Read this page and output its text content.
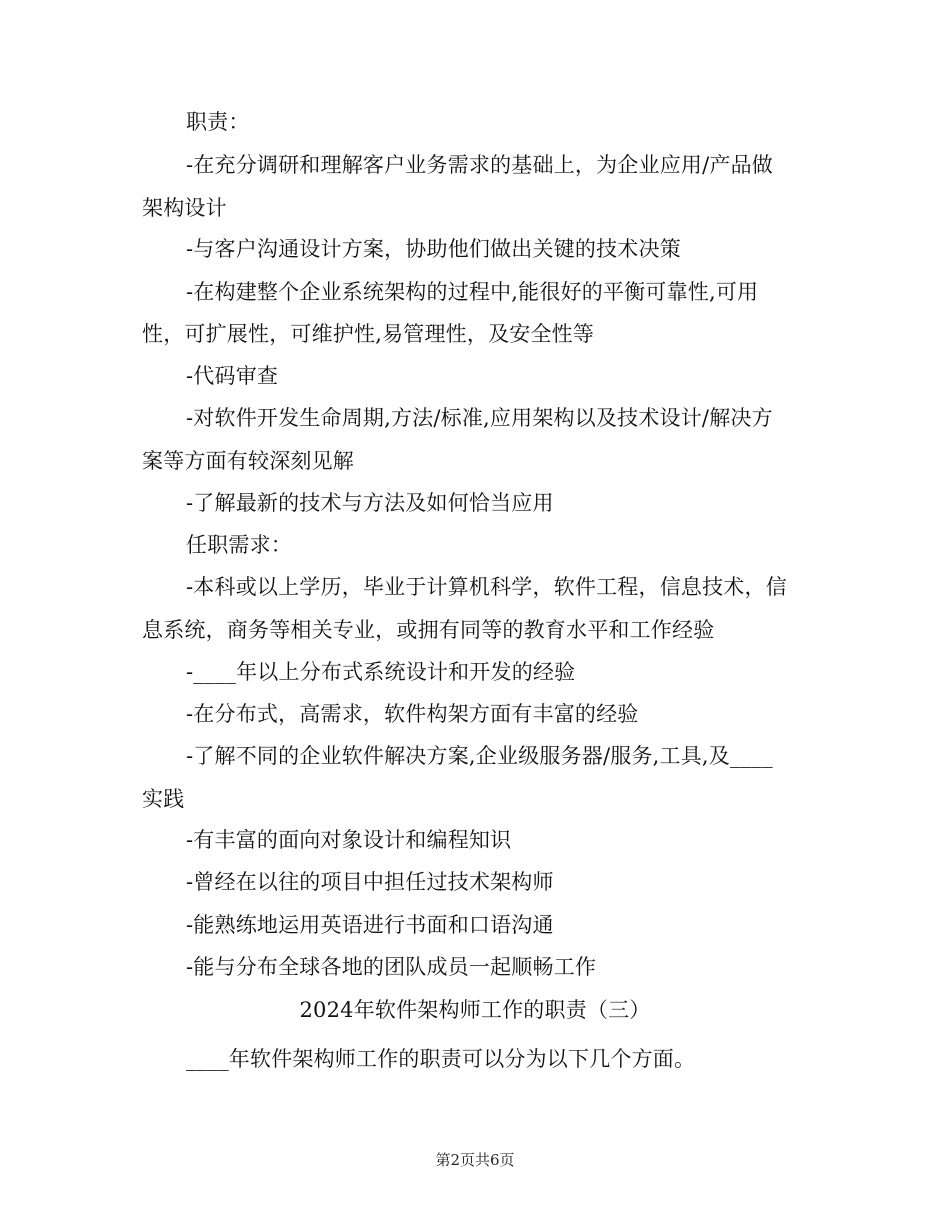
职责：
-在充分调研和理解客户业务需求的基础上，为企业应用/产品做
架构设计
-与客户沟通设计方案，协助他们做出关键的技术决策
-在构建整个企业系统架构的过程中,能很好的平衡可靠性,可用
性，可扩展性，可维护性,易管理性，及安全性等
-代码审查
-对软件开发生命周期,方法/标准,应用架构以及技术设计/解决方
案等方面有较深刻见解
-了解最新的技术与方法及如何恰当应用
任职需求：
-本科或以上学历，毕业于计算机科学，软件工程，信息技术，信
息系统，商务等相关专业，或拥有同等的教育水平和工作经验
-____年以上分布式系统设计和开发的经验
-在分布式，高需求，软件构架方面有丰富的经验
-了解不同的企业软件解决方案,企业级服务器/服务,工具,及____
实践
-有丰富的面向对象设计和编程知识
-曾经在以往的项目中担任过技术架构师
-能熟练地运用英语进行书面和口语沟通
-能与分布全球各地的团队成员一起顺畅工作
2024年软件架构师工作的职责（三）
____年软件架构师工作的职责可以分为以下几个方面。
第2页共6页
